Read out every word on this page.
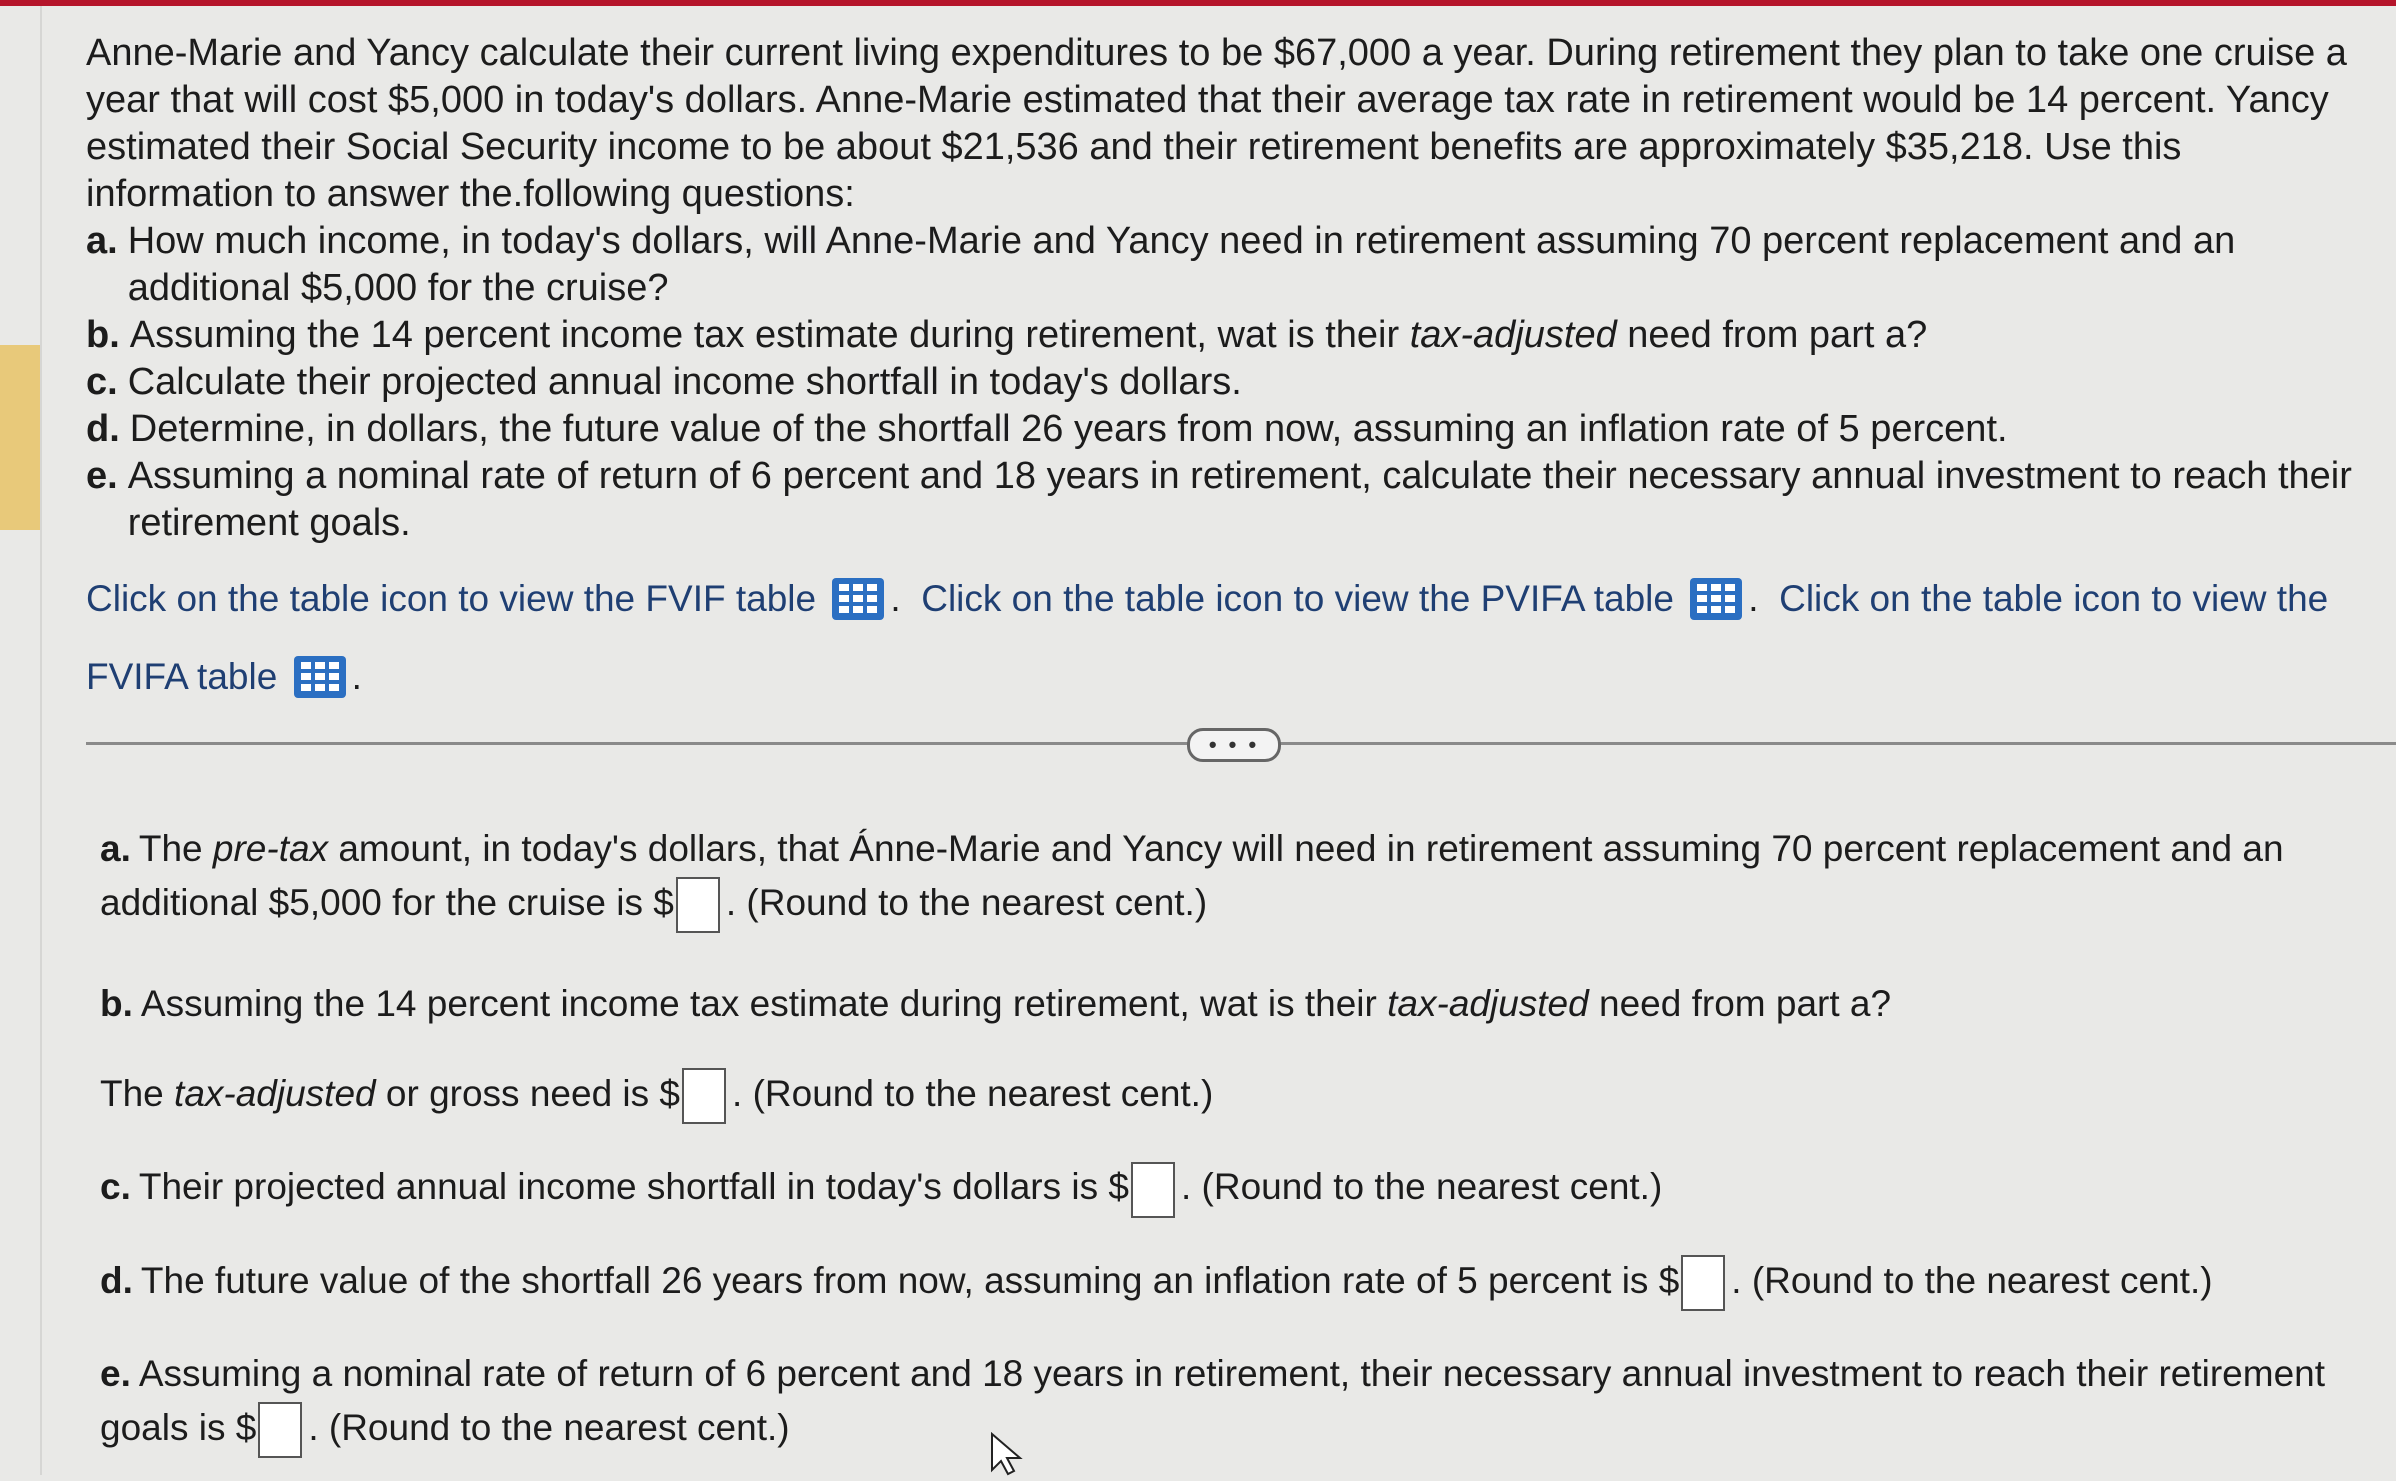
Anne-Marie and Yancy calculate their current living expenditures to be $67,000 a year. During retirement they plan to take one cruise a year that will cost $5,000 in today's dollars. Anne-Marie estimated that their average tax rate in retirement would be 14 percent. Yancy estimated their Social Security income to be about $21,536 and their retirement benefits are approximately $35,218. Use this information to answer the.following questions:

a. How much income, in today's dollars, will Anne-Marie and Yancy need in retirement assuming 70 percent replacement and an additional $5,000 for the cruise?
b. Assuming the 14 percent income tax estimate during retirement, wat is their tax-adjusted need from part a?
c. Calculate their projected annual income shortfall in today's dollars.
d. Determine, in dollars, the future value of the shortfall 26 years from now, assuming an inflation rate of 5 percent.
e. Assuming a nominal rate of return of 6 percent and 18 years in retirement, calculate their necessary annual investment to reach their retirement goals.
Click on the table icon to view the FVIF table . Click on the table icon to view the PVIFA table . Click on the table icon to view the
FVIFA table .
• • •
a. The pre-tax amount, in today's dollars, that Ánne-Marie and Yancy will need in retirement assuming 70 percent replacement and an additional $5,000 for the cruise is $ . (Round to the nearest cent.)
b. Assuming the 14 percent income tax estimate during retirement, wat is their tax-adjusted need from part a?
The tax-adjusted or gross need is $ . (Round to the nearest cent.)
c. Their projected annual income shortfall in today's dollars is $ . (Round to the nearest cent.)
d. The future value of the shortfall 26 years from now, assuming an inflation rate of 5 percent is $ . (Round to the nearest cent.)
e. Assuming a nominal rate of return of 6 percent and 18 years in retirement, their necessary annual investment to reach their retirement goals is $ . (Round to the nearest cent.)
